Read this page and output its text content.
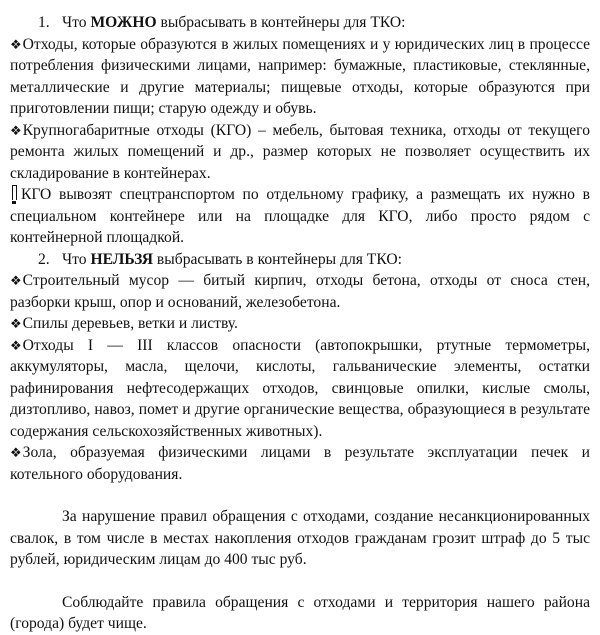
1. Что МОЖНО выбрасывать в контейнеры для ТКО:

❖Отходы, которые образуются в жилых помещениях и у юридических лиц в процессе потребления физическими лицами, например: бумажные, пластиковые, стеклянные, металлические и другие материалы; пищевые отходы, которые образуются при приготовлении пищи; старую одежду и обувь.

❖Крупногабаритные отходы (КГО) – мебель, бытовая техника, отходы от текущего ремонта жилых помещений и др., размер которых не позволяет осуществить их складирование в контейнерах.

КГО вывозят спецтранспортом по отдельному графику, а размещать их нужно в специальном контейнере или на площадке для КГО, либо просто рядом с контейнерной площадкой.

2. Что НЕЛЬЗЯ выбрасывать в контейнеры для ТКО:

❖Строительный мусор — битый кирпич, отходы бетона, отходы от сноса стен, разборки крыш, опор и оснований, железобетона.

❖Спилы деревьев, ветки и листву.

❖Отходы I — III классов опасности (автопокрышки, ртутные термометры, аккумуляторы, масла, щелочи, кислоты, гальванические элементы, остатки рафинирования нефтесодержащих отходов, свинцовые опилки, кислые смолы, дизтопливо, навоз, помет и другие органические вещества, образующиеся в результате содержания сельскохозяйственных животных).

❖Зола, образуемая физическими лицами в результате эксплуатации печек и котельного оборудования.

За нарушение правил обращения с отходами, создание несанкционированных свалок, в том числе в местах накопления отходов гражданам грозит штраф до 5 тыс рублей, юридическим лицам до 400 тыс руб.

Соблюдайте правила обращения с отходами и территория нашего района (города) будет чище.
